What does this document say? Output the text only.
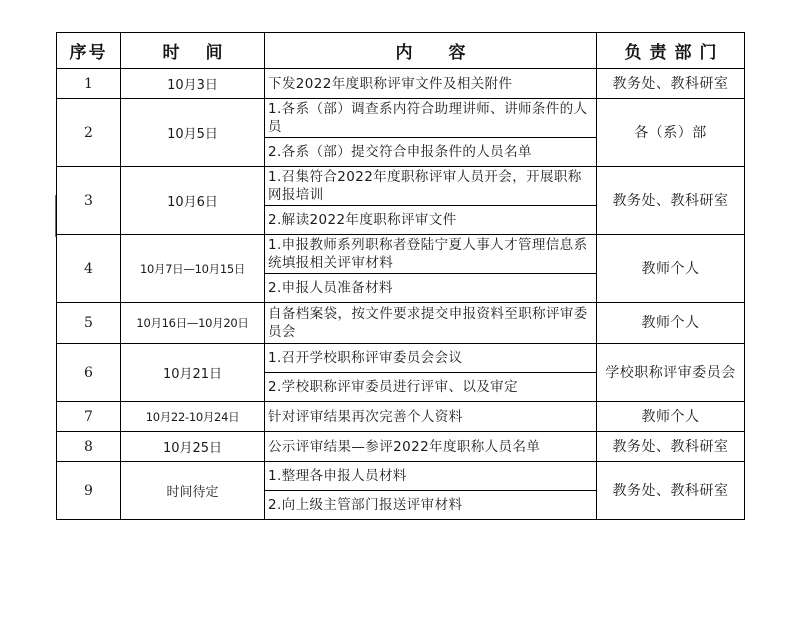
序号	时间	内容	负责部门
1	10月3日	下发2022年度职称评审文件及相关附件	教务处、教科研室
2	10月5日	1.各系（部）调查系内符合助理讲师、讲师条件的人员	各（系）部
		2.各系（部）提交符合申报条件的人员名单	
3	10月6日	1.召集符合2022年度职称评审人员开会，开展职称网报培训	教务处、教科研室
		2.解读2022年度职称评审文件	
4	10月7日—10月15日	1.申报教师系列职称者登陆宁夏人事人才管理信息系统填报相关评审材料	教师个人
		2.申报人员准备材料	
5	10月16日—10月20日	自备档案袋，按文件要求提交申报资料至职称评审委员会	教师个人
6	10月21日	1.召开学校职称评审委员会会议	学校职称评审委员会
		2.学校职称评审委员进行评审、以及审定	
7	10月22-10月24日	针对评审结果再次完善个人资料	教师个人
8	10月25日	公示评审结果—参评2022年度职称人员名单	教务处、教科研室
9	时间待定	1.整理各申报人员材料	教务处、教科研室
		2.向上级主管部门报送评审材料	
